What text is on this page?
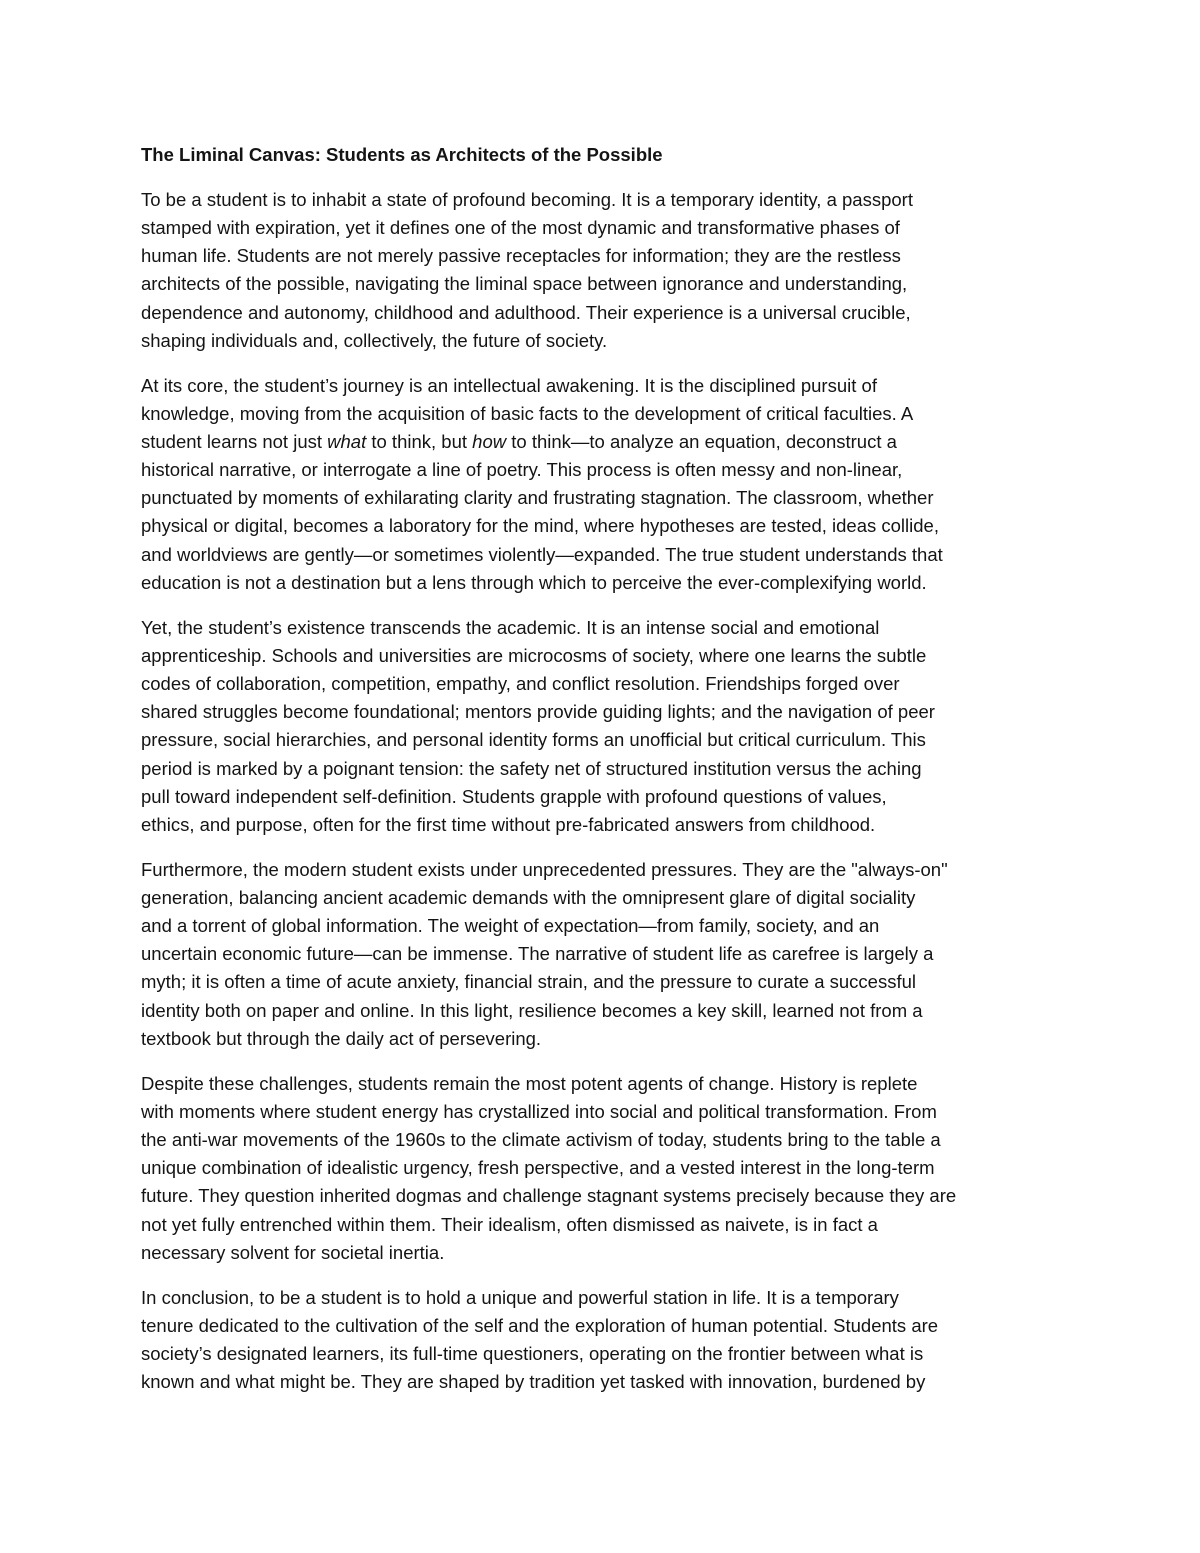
The Liminal Canvas: Students as Architects of the Possible
To be a student is to inhabit a state of profound becoming. It is a temporary identity, a passport
stamped with expiration, yet it defines one of the most dynamic and transformative phases of
human life. Students are not merely passive receptacles for information; they are the restless
architects of the possible, navigating the liminal space between ignorance and understanding,
dependence and autonomy, childhood and adulthood. Their experience is a universal crucible,
shaping individuals and, collectively, the future of society.
At its core, the student’s journey is an intellectual awakening. It is the disciplined pursuit of
knowledge, moving from the acquisition of basic facts to the development of critical faculties. A
student learns not just what to think, but how to think—to analyze an equation, deconstruct a
historical narrative, or interrogate a line of poetry. This process is often messy and non-linear,
punctuated by moments of exhilarating clarity and frustrating stagnation. The classroom, whether
physical or digital, becomes a laboratory for the mind, where hypotheses are tested, ideas collide,
and worldviews are gently—or sometimes violently—expanded. The true student understands that
education is not a destination but a lens through which to perceive the ever-complexifying world.
Yet, the student’s existence transcends the academic. It is an intense social and emotional
apprenticeship. Schools and universities are microcosms of society, where one learns the subtle
codes of collaboration, competition, empathy, and conflict resolution. Friendships forged over
shared struggles become foundational; mentors provide guiding lights; and the navigation of peer
pressure, social hierarchies, and personal identity forms an unofficial but critical curriculum. This
period is marked by a poignant tension: the safety net of structured institution versus the aching
pull toward independent self-definition. Students grapple with profound questions of values,
ethics, and purpose, often for the first time without pre-fabricated answers from childhood.
Furthermore, the modern student exists under unprecedented pressures. They are the "always-on"
generation, balancing ancient academic demands with the omnipresent glare of digital sociality
and a torrent of global information. The weight of expectation—from family, society, and an
uncertain economic future—can be immense. The narrative of student life as carefree is largely a
myth; it is often a time of acute anxiety, financial strain, and the pressure to curate a successful
identity both on paper and online. In this light, resilience becomes a key skill, learned not from a
textbook but through the daily act of persevering.
Despite these challenges, students remain the most potent agents of change. History is replete
with moments where student energy has crystallized into social and political transformation. From
the anti-war movements of the 1960s to the climate activism of today, students bring to the table a
unique combination of idealistic urgency, fresh perspective, and a vested interest in the long-term
future. They question inherited dogmas and challenge stagnant systems precisely because they are
not yet fully entrenched within them. Their idealism, often dismissed as naivete, is in fact a
necessary solvent for societal inertia.
In conclusion, to be a student is to hold a unique and powerful station in life. It is a temporary
tenure dedicated to the cultivation of the self and the exploration of human potential. Students are
society’s designated learners, its full-time questioners, operating on the frontier between what is
known and what might be. They are shaped by tradition yet tasked with innovation, burdened by
